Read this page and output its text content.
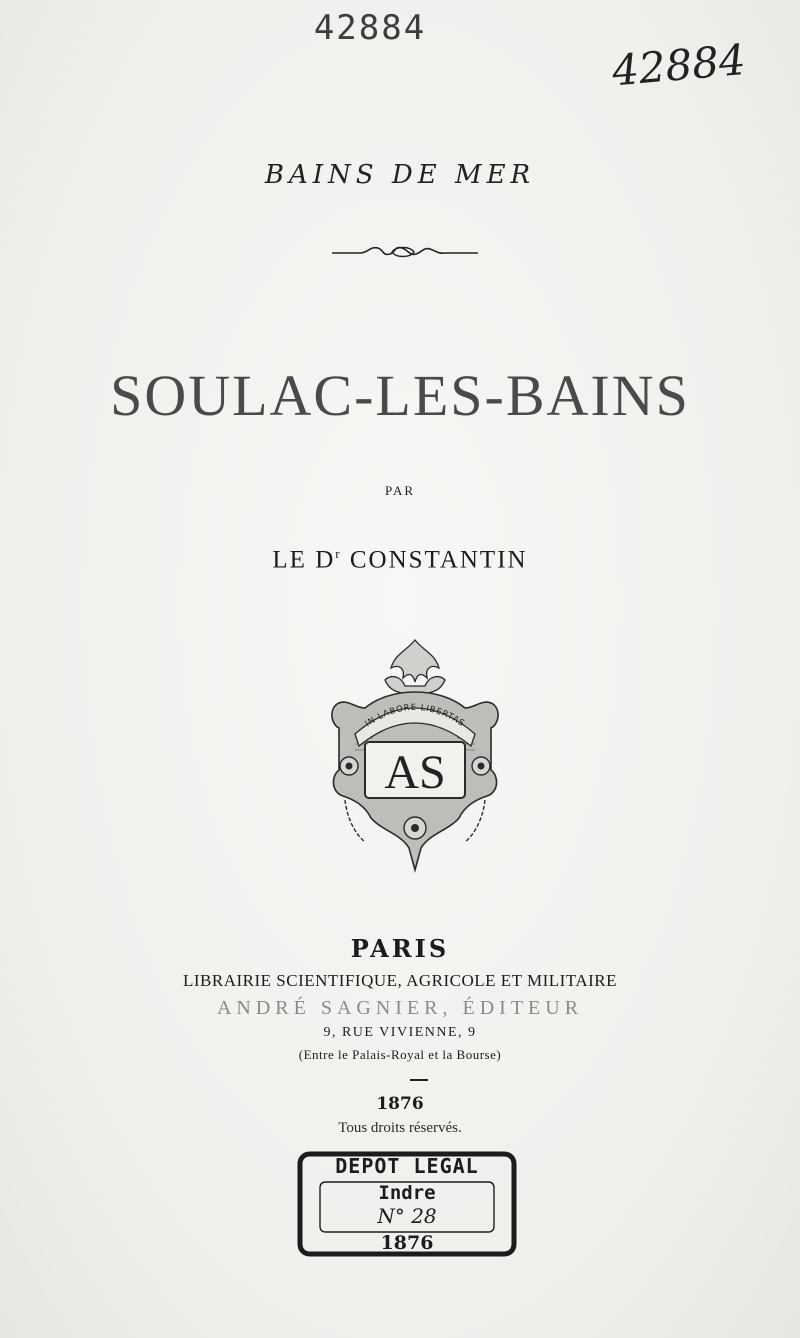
42884
42884
BAINS DE MER
SOULAC-LES-BAINS
PAR
LE $D^r$ CONSTANTIN
IN LABORE LIBERTAS
AS
PARIS
LIBRAIRIE SCIENTIFIQUE, AGRICOLE ET MILITAIRE
ANDRÉ SAGNIER, ÉDITEUR
9, RUE VIVIENNE, 9
(Entre le Palais-Royal et la Bourse)
1876
Tous droits réservés.
DÉPÔT LÉGAL
Indre
N° 28
1876
